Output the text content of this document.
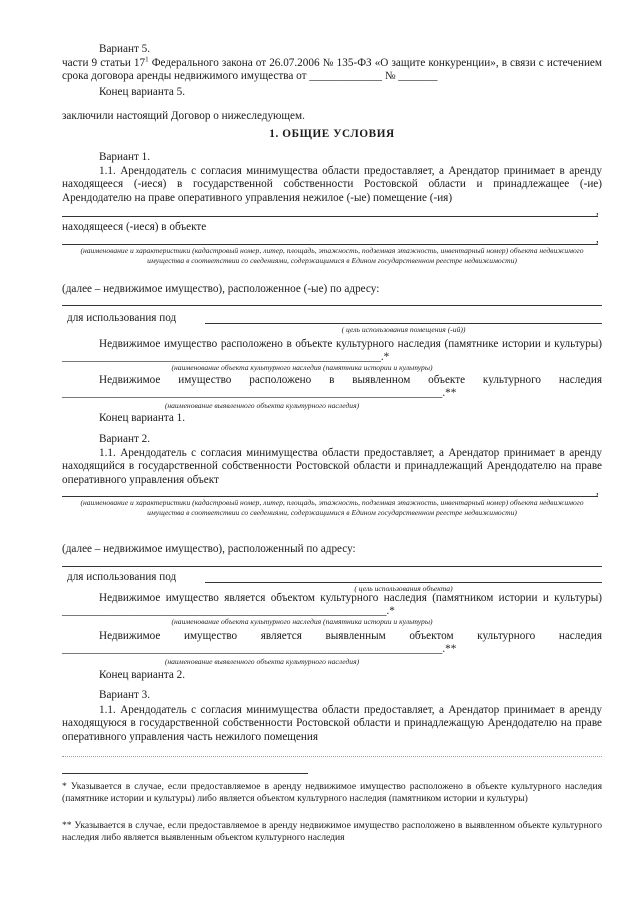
Вариант 5.
части 9 статьи $17^1$ Федерального закона от 26.07.2006 № 135-ФЗ «О защите конкуренции», в связи с истечением срока договора аренды недвижимого имущества от _____________ № _______
Конец варианта 5.
заключили настоящий Договор о нижеследующем.
1. ОБЩИЕ УСЛОВИЯ
Вариант 1.
1.1. Арендодатель с согласия минимущества области предоставляет, а Арендатор принимает в аренду находящееся (-иеся) в государственной собственности Ростовской области и принадлежащее (-ие) Арендодателю на праве оперативного управления нежилое (-ые) помещение (-ия)
,
находящееся (-иеся) в объекте
,
(наименование и характеристики (кадастровый номер, литер, площадь, этажность, подземная этажность, инвентарный номер) объекта недвижимого имущества в соответствии со сведениями, содержащимися в Едином государственном реестре недвижимости)
(далее – недвижимое имущество), расположенное (-ые) по адресу:
для использования под
( цель использования помещения (-ий))
Недвижимое имущество расположено в объекте культурного наследия (памятнике истории и культуры) _________________________________________________________.*
(наименование объекта культурного наследия (памятника истории и культуры)
Недвижимое имущество расположено в выявленном объекте культурного наследия
____________________________________________________________________.**
(наименование выявленного объекта культурного наследия)
Конец варианта 1.
Вариант 2.
1.1. Арендодатель с согласия минимущества области предоставляет, а Арендатор принимает в аренду находящийся в государственной собственности Ростовской области и принадлежащий Арендодателю на праве оперативного управления объект
,
(наименование и характеристики (кадастровый номер, литер, площадь, этажность, подземная этажность, инвентарный номер) объекта недвижимого имущества в соответствии со сведениями, содержащимися в Едином государственном реестре недвижимости)
(далее – недвижимое имущество), расположенный по адресу:
для использования под
( цель использования объекта)
Недвижимое имущество является объектом культурного наследия (памятником истории и культуры) __________________________________________________________.*
(наименование объекта культурного наследия (памятника истории и культуры)
Недвижимое имущество является выявленным объектом культурного наследия
____________________________________________________________________.**
(наименование выявленного объекта культурного наследия)
Конец варианта 2.
Вариант 3.
1.1. Арендодатель с согласия минимущества области предоставляет, а Арендатор принимает в аренду находящуюся в государственной собственности Ростовской области и принадлежащую Арендодателю на праве оперативного управления часть нежилого помещения
* Указывается в случае, если предоставляемое в аренду недвижимое имущество расположено в объекте культурного наследия (памятнике истории и культуры) либо является объектом культурного наследия (памятником истории и культуры)
** Указывается в случае, если предоставляемое в аренду недвижимое имущество расположено в выявленном объекте культурного наследия либо является выявленным объектом культурного наследия
